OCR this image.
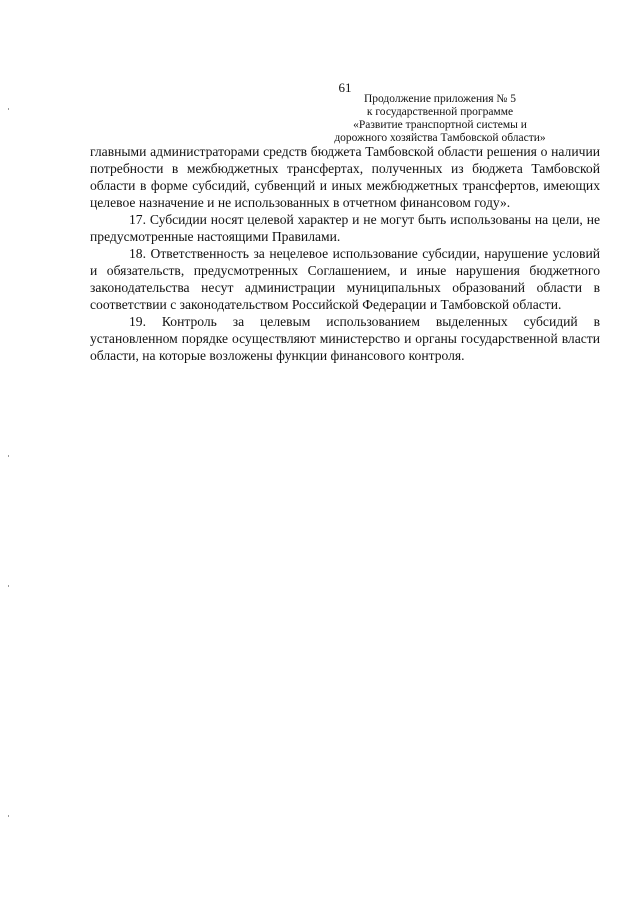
61
Продолжение приложения № 5
к государственной программе
«Развитие транспортной системы и
дорожного хозяйства Тамбовской области»

главными администраторами средств бюджета Тамбовской области решения о наличии потребности в межбюджетных трансфертах, полученных из бюджета Тамбовской области в форме субсидий, субвенций и иных межбюджетных трансфертов, имеющих целевое назначение и не использованных в отчетном финансовом году».

17. Субсидии носят целевой характер и не могут быть использованы на цели, не предусмотренные настоящими Правилами.

18. Ответственность за нецелевое использование субсидии, нарушение условий и обязательств, предусмотренных Соглашением, и иные нарушения бюджетного законодательства несут администрации муниципальных образований области в соответствии с законодательством Российской Федерации и Тамбовской области.

19. Контроль за целевым использованием выделенных субсидий в установленном порядке осуществляют министерство и органы государственной власти области, на которые возложены функции финансового контроля.
